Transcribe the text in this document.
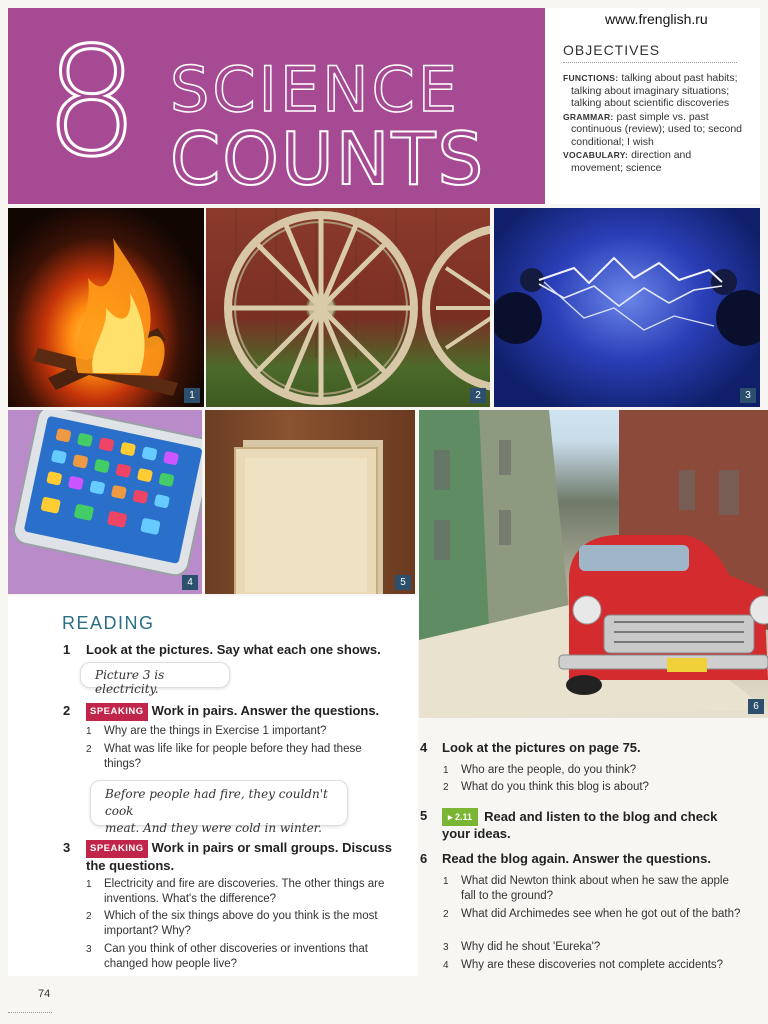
8 SCIENCE
COUNTS
www.frenglish.ru
OBJECTIVES

FUNCTIONS: talking about past habits; talking about imaginary situations; talking about scientific discoveries

GRAMMAR: past simple vs. past continuous (review); used to; second conditional; I wish

VOCABULARY: direction and movement; science

1	2	3
4	5
6
READING
1 Look at the pictures. Say what each one shows.
Picture 3 is electricity.
2	SPEAKING Work in pairs. Answer the questions.
1 Why are the things in Exercise 1 important?
2 What was life like for people before they had these things?
Before people had fire, they couldn't cook
meat. And they were cold in winter.
3	SPEAKING Work in pairs or small groups. Discuss the questions.
1 Electricity and fire are discoveries. The other things are inventions. What's the difference?
2 Which of the six things above do you think is the most important? Why?
3 Can you think of other discoveries or inventions that changed how people live?
4 Look at the pictures on page 75.
1 Who are the people, do you think?
2 What do you think this blog is about?
5	▸ 2.11 Read and listen to the blog and check your ideas.
6 Read the blog again. Answer the questions.
1 What did Newton think about when he saw the apple fall to the ground?
2 What did Archimedes see when he got out of the bath?
3 Why did he shout 'Eureka'?
4 Why are these discoveries not complete accidents?
74
